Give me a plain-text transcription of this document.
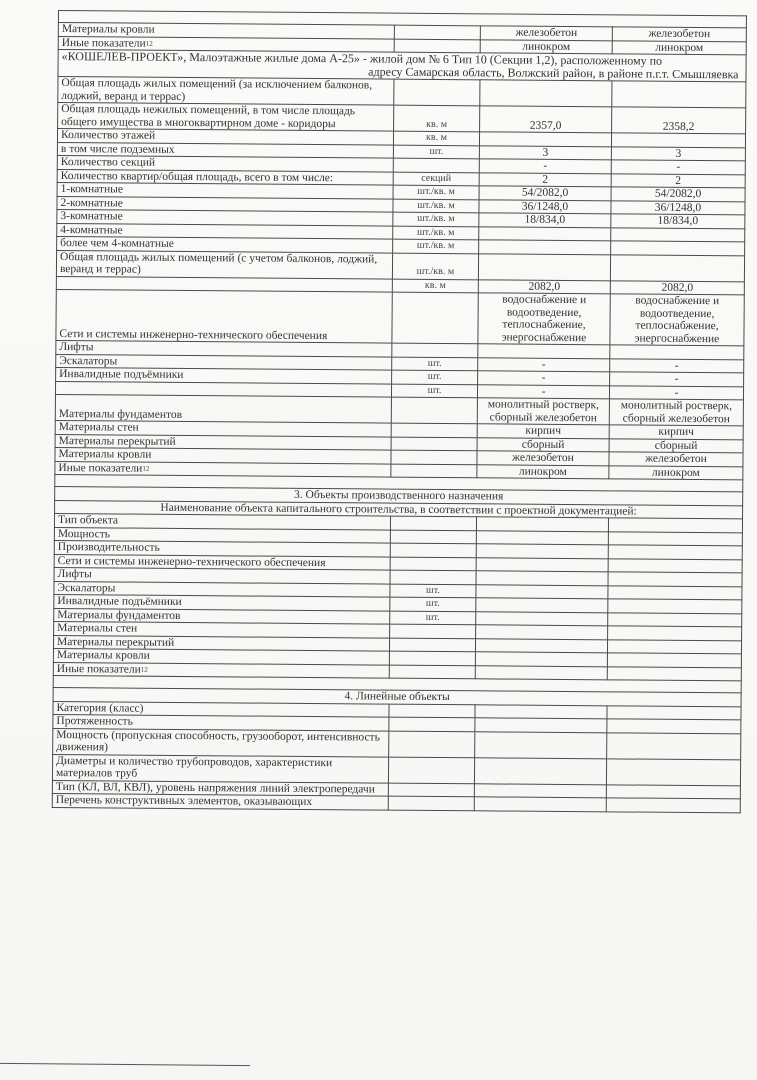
Материалы кровли		железобетон	железобетон
Иные показатели$^{12}$		линокром	линокром
«КОШЕЛЕВ-ПРОЕКТ», Малоэтажные жилые дома А-25» - жилой дом № 6 Тип 10 (Секции 1,2), расположенному по
адресу Самарская область, Волжский район, в районе п.г.т. Смышляевка			

Общая площадь жилых помещений (за исключением балконов, лоджий, веранд и террас)			
Общая площадь нежилых помещений, в том числе площадь общего имущества в многоквартирном доме - коридоры	кв. м	2357,0	2358,2
Количество этажей	кв. м		
в том числе подземных	шт.	3	3
Количество секций		-	-
Количество квартир/общая площадь, всего в том числе:	секций	2	2
1-комнатные	шт./кв. м	54/2082,0	54/2082,0
2-комнатные	шт./кв. м	36/1248,0	36/1248,0
3-комнатные	шт./кв. м	18/834,0	18/834,0
4-комнатные	шт./кв. м		
более чем 4-комнатные	шт./кв. м		
Общая площадь жилых помещений (с учетом балконов, лоджий, веранд и террас)	шт./кв. м		
	кв. м	2082,0	2082,0
Сети и системы инженерно-технического обеспечения		водоснабжение и водоотведение, теплоснабжение, энергоснабжение	водоснабжение и водоотведение, теплоснабжение, энергоснабжение
Лифты			
Эскалаторы	шт.	-	-
Инвалидные подъёмники	шт.	-	-
	шт.	-	-
Материалы фундаментов		монолитный ростверк, сборный железобетон	монолитный ростверк, сборный железобетон
Материалы стен		кирпич	кирпич
Материалы перекрытий		сборный	сборный
Материалы кровли		железобетон	железобетон
Иные показатели$^{12}$		линокром	линокром

3. Объекты производственного назначения			
Наименование объекта капитального строительства, в соответствии с проектной документацией:			
Тип объекта			
Мощность			
Производительность			
Сети и системы инженерно-технического обеспечения			
Лифты			
Эскалаторы	шт.		
Инвалидные подъёмники	шт.		
Материалы фундаментов	шт.		
Материалы стен			
Материалы перекрытий			
Материалы кровли			
Иные показатели$^{12}$			

4. Линейные объекты			
Категория (класс)			
Протяженность			
Мощность (пропускная способность, грузооборот, интенсивность движения)			
Диаметры и количество трубопроводов, характеристики материалов труб			
Тип (КЛ, ВЛ, КВЛ), уровень напряжения линий электропередачи			
Перечень конструктивных элементов, оказывающих			
